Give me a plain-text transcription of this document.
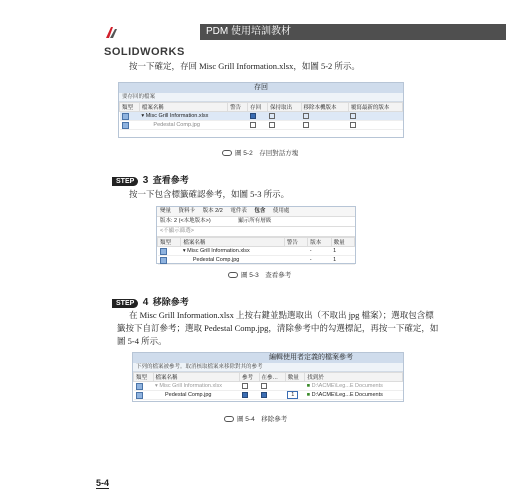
SOLIDWORKS
PDM 使用培訓教材
按一下確定，存回 Misc Grill Information.xlsx，如圖 5-2 所示。
存回
要存回的檔案
類型	檔案名稱	警告	存回	保持取出	移除本機版本	覆寫最新的版本
	▾ Misc Grill Information.xlsx					
	Pedestal Comp.jpg					
圖 5-2　存回對話方塊
STEP 3 查看參考
按一下包含標籤確認參考，如圖 5-3 所示。
變量 資料卡 版本 2/2 電件表 包含 使用處
版本: 2 (<本地版本>)	顯示所有層級
<不顯示篩選>
類型	檔案名稱	警告	版本	數量
	▾ Misc Grill Information.xlsx		-	1
	Pedestal Comp.jpg		-	1
圖 5-3　查看參考
STEP 4 移除參考
在 Misc Grill Information.xlsx 上按右鍵並點選取出（不取出 jpg 檔案）；選取包含標
籤按下自訂參考；選取 Pedestal Comp.jpg，清除參考中的勾選標記，再按一下確定，如
圖 5-4 所示。
編輯使用者定義的檔案參考
下列的檔案被參考。取消核取檔案來移除對其的參考
類型	檔案名稱	參考	在參…	數量	找到於
	▾ Misc Grill Information.xlsx				■ D:\ACME\Leg...E Documents
	Pedestal Comp.jpg			1	■ D:\ACME\Leg...E Documents
圖 5-4　移除參考
5-4
